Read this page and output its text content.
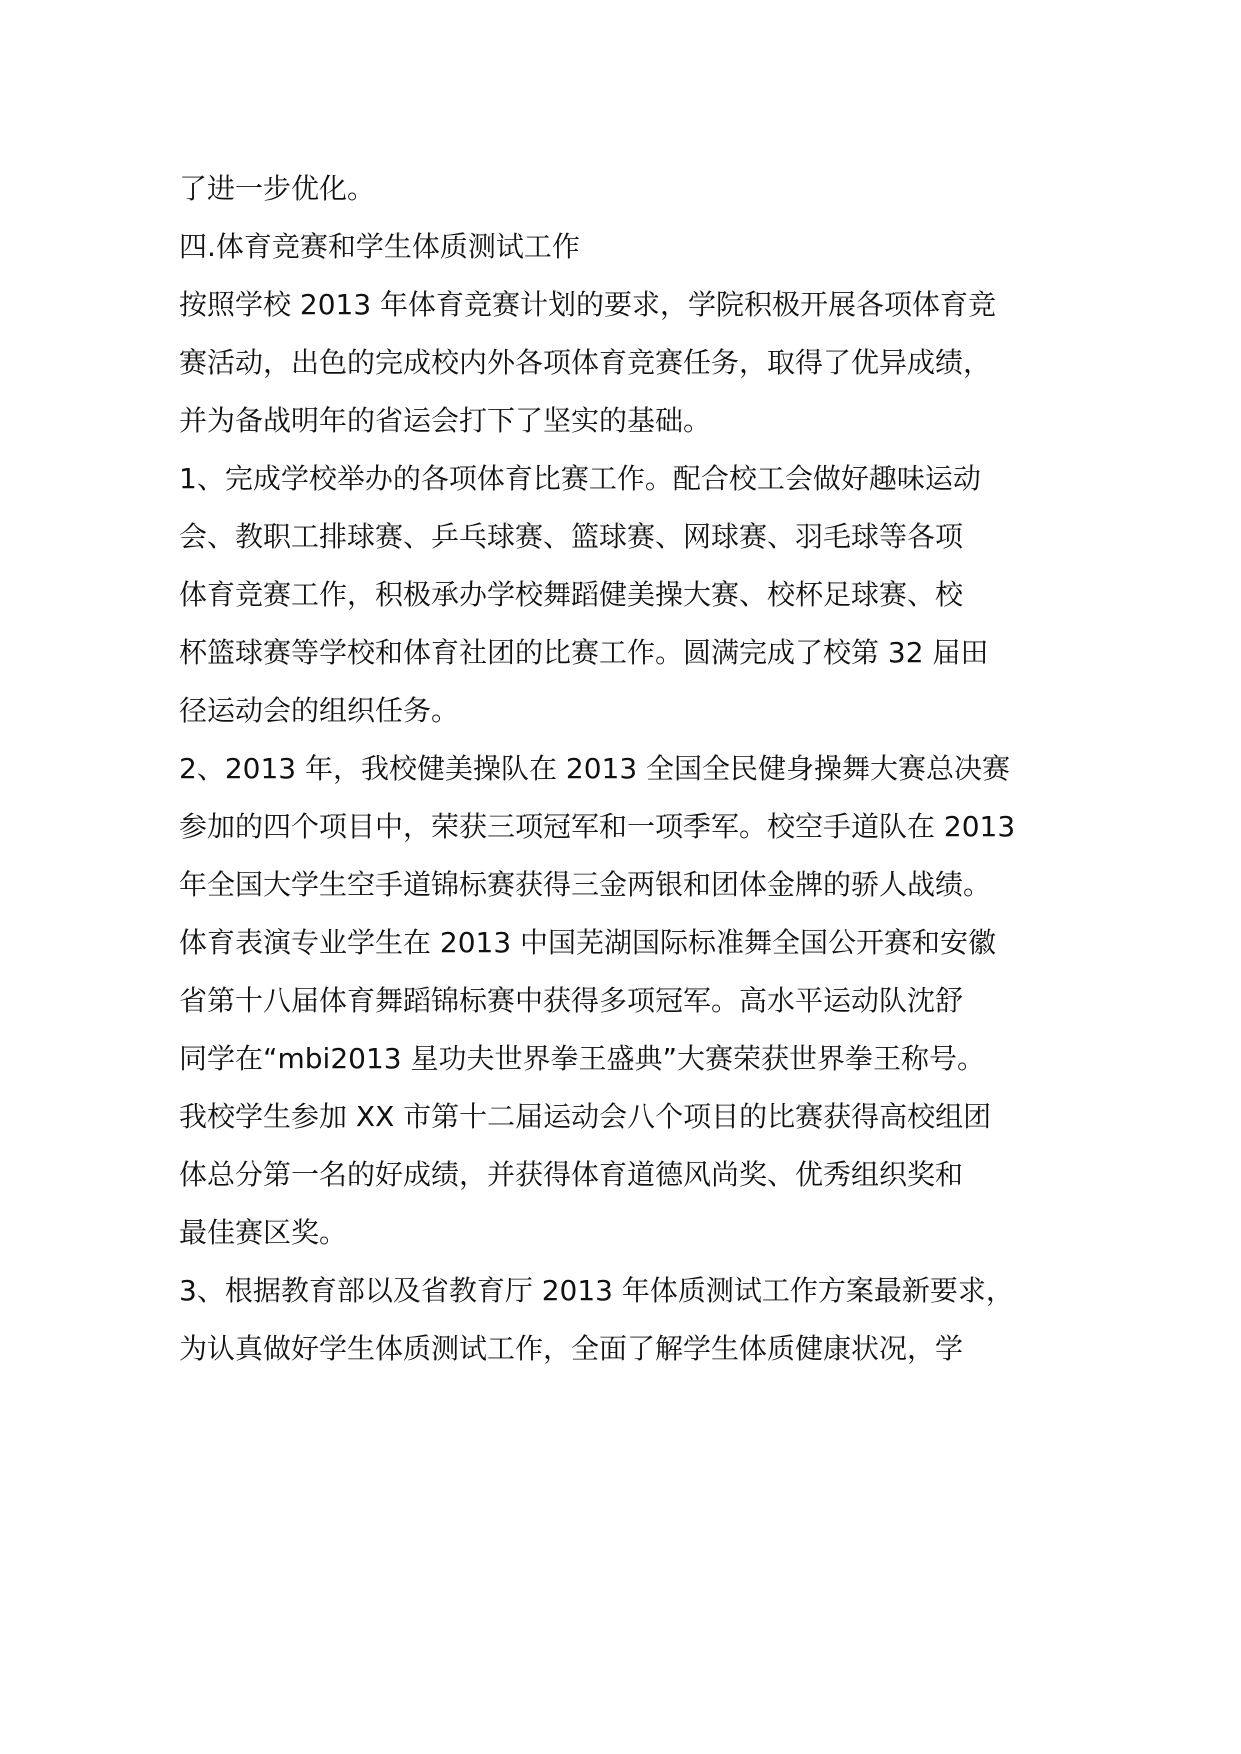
了进一步优化。

四.体育竞赛和学生体质测试工作

按照学校 2013 年体育竞赛计划的要求，学院积极开展各项体育竞

赛活动，出色的完成校内外各项体育竞赛任务，取得了优异成绩，

并为备战明年的省运会打下了坚实的基础。

1、完成学校举办的各项体育比赛工作。配合校工会做好趣味运动

会、教职工排球赛、乒乓球赛、篮球赛、网球赛、羽毛球等各项

体育竞赛工作，积极承办学校舞蹈健美操大赛、校杯足球赛、校

杯篮球赛等学校和体育社团的比赛工作。圆满完成了校第 32 届田

径运动会的组织任务。

2、2013 年，我校健美操队在 2013 全国全民健身操舞大赛总决赛

参加的四个项目中，荣获三项冠军和一项季军。校空手道队在 2013

年全国大学生空手道锦标赛获得三金两银和团体金牌的骄人战绩。

体育表演专业学生在 2013 中国芜湖国际标准舞全国公开赛和安徽

省第十八届体育舞蹈锦标赛中获得多项冠军。高水平运动队沈舒

同学在“mbi2013 星功夫世界拳王盛典”大赛荣获世界拳王称号。

我校学生参加 XX 市第十二届运动会八个项目的比赛获得高校组团

体总分第一名的好成绩，并获得体育道德风尚奖、优秀组织奖和

最佳赛区奖。

3、根据教育部以及省教育厅 2013 年体质测试工作方案最新要求，

为认真做好学生体质测试工作，全面了解学生体质健康状况，学
